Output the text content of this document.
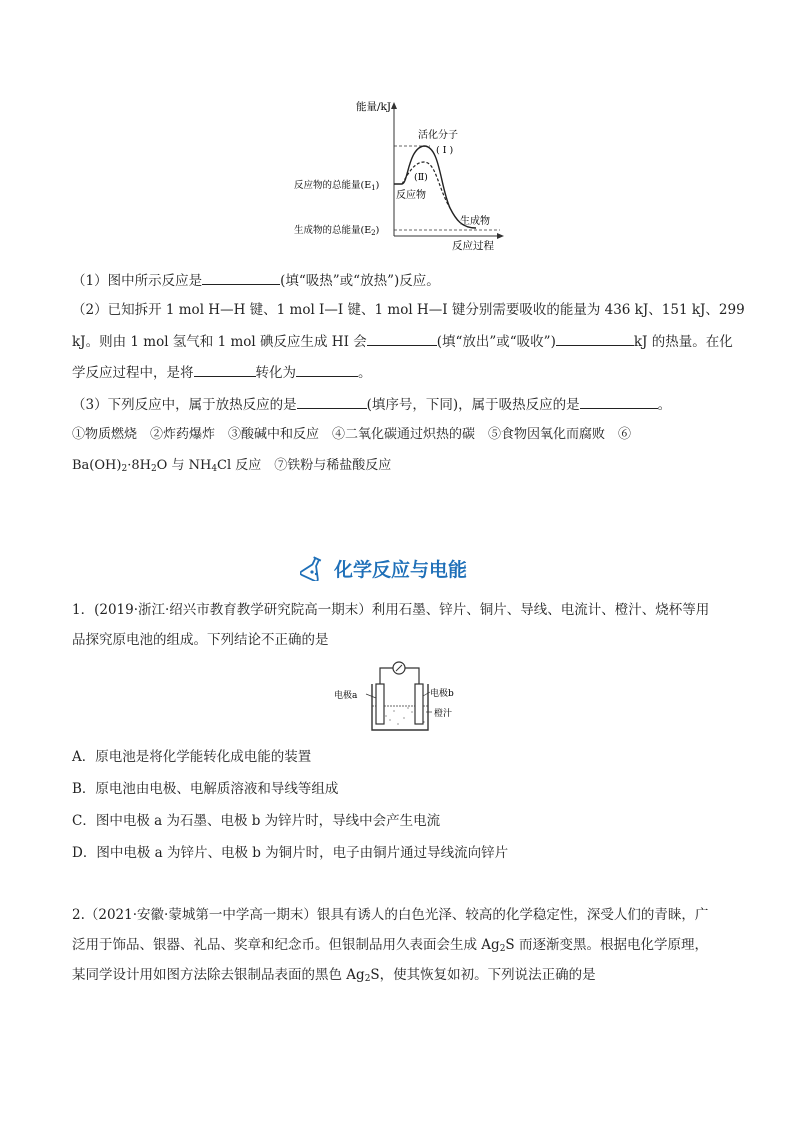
能量/kJ
活化分子
( I )
(Ⅱ)
反应物
生成物
反应物的总能量$(E_1)$
生成物的总能量$(E_2)$
反应过程
（1）图中所示反应是	(填“吸热”或“放热”)反应。
（2）已知拆开 1 mol H—H 键、1 mol I—I 键、1 mol H—I 键分别需要吸收的能量为 436 kJ、151 kJ、299
kJ。则由 1 mol 氢气和 1 mol 碘反应生成 HI 会	(填“放出”或“吸收”)	kJ 的热量。在化
学反应过程中，是将	转化为	。
（3）下列反应中，属于放热反应的是	(填序号，下同)，属于吸热反应的是	。
①物质燃烧　②炸药爆炸　③酸碱中和反应　④二氧化碳通过炽热的碳　⑤食物因氧化而腐败　⑥
Ba(OH)2·8H2O 与 NH4Cl 反应　⑦铁粉与稀盐酸反应
化学反应与电能
1．(2019·浙江·绍兴市教育教学研究院高一期末）利用石墨、锌片、铜片、导线、电流计、橙汁、烧杯等用
品探究原电池的组成。下列结论不正确的是
电极a	电极b
橙汁
A．原电池是将化学能转化成电能的装置
B．原电池由电极、电解质溶液和导线等组成
C．图中电极 a 为石墨、电极 b 为锌片时，导线中会产生电流
D．图中电极 a 为锌片、电极 b 为铜片时，电子由铜片通过导线流向锌片
2.（2021·安徽·蒙城第一中学高一期末）银具有诱人的白色光泽、较高的化学稳定性，深受人们的青睐，广
泛用于饰品、银器、礼品、奖章和纪念币。但银制品用久表面会生成 Ag2S 而逐渐变黑。根据电化学原理，
某同学设计用如图方法除去银制品表面的黑色 Ag2S，使其恢复如初。下列说法正确的是
